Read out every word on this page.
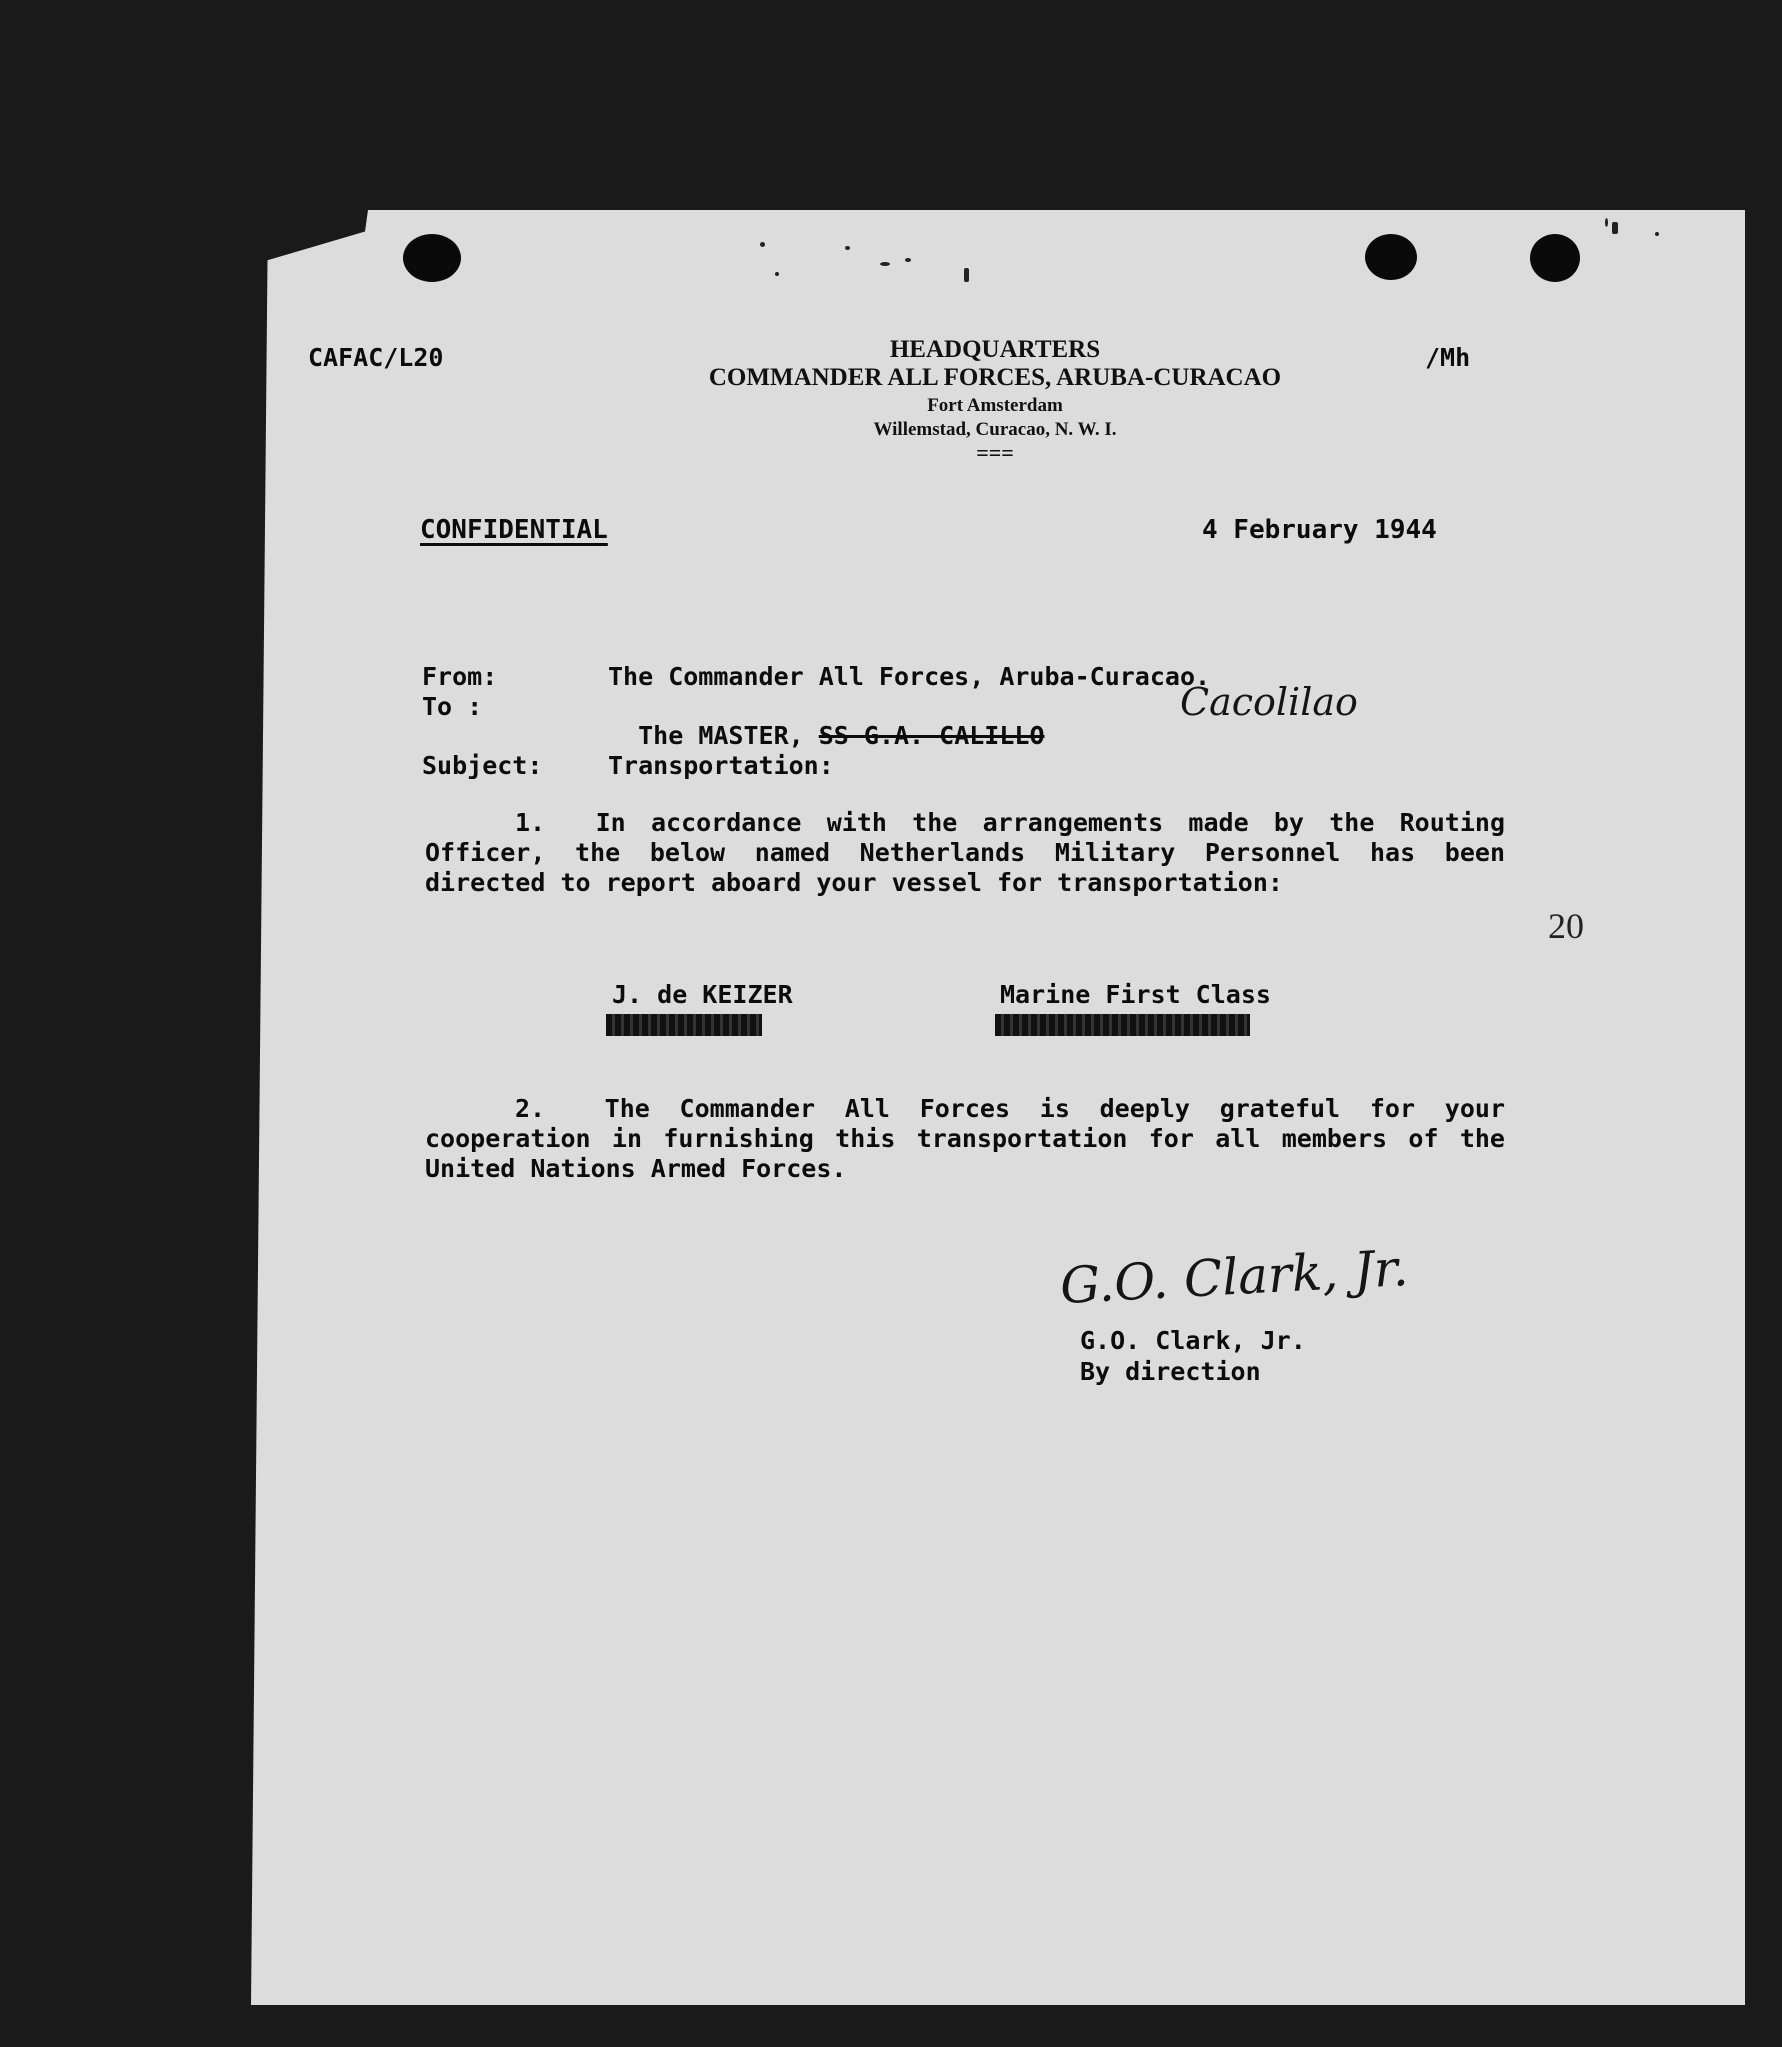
CAFAC/L20	/Mh
HEADQUARTERS
COMMANDER ALL FORCES, ARUBA-CURACAO
Fort Amsterdam
Willemstad, Curacao, N. W. I.
===
CONFIDENTIAL	4 February 1944
From:	The Commander All Forces, Aruba-Curacao.
To :

The MASTER, SS G.A. CALILLO

Cacolilao
Subject:	Transportation:
1. In accordance with the arrangements made by the Routing Officer, the below named Netherlands Military Personnel has been directed to report aboard your vessel for transportation:
20
J. de KEIZER	Marine First Class
2. The Commander All Forces is deeply grateful for your cooperation in furnishing this transportation for all members of the United Nations Armed Forces.
G.O. Clark, Jr.
G.O. Clark, Jr.
By direction
